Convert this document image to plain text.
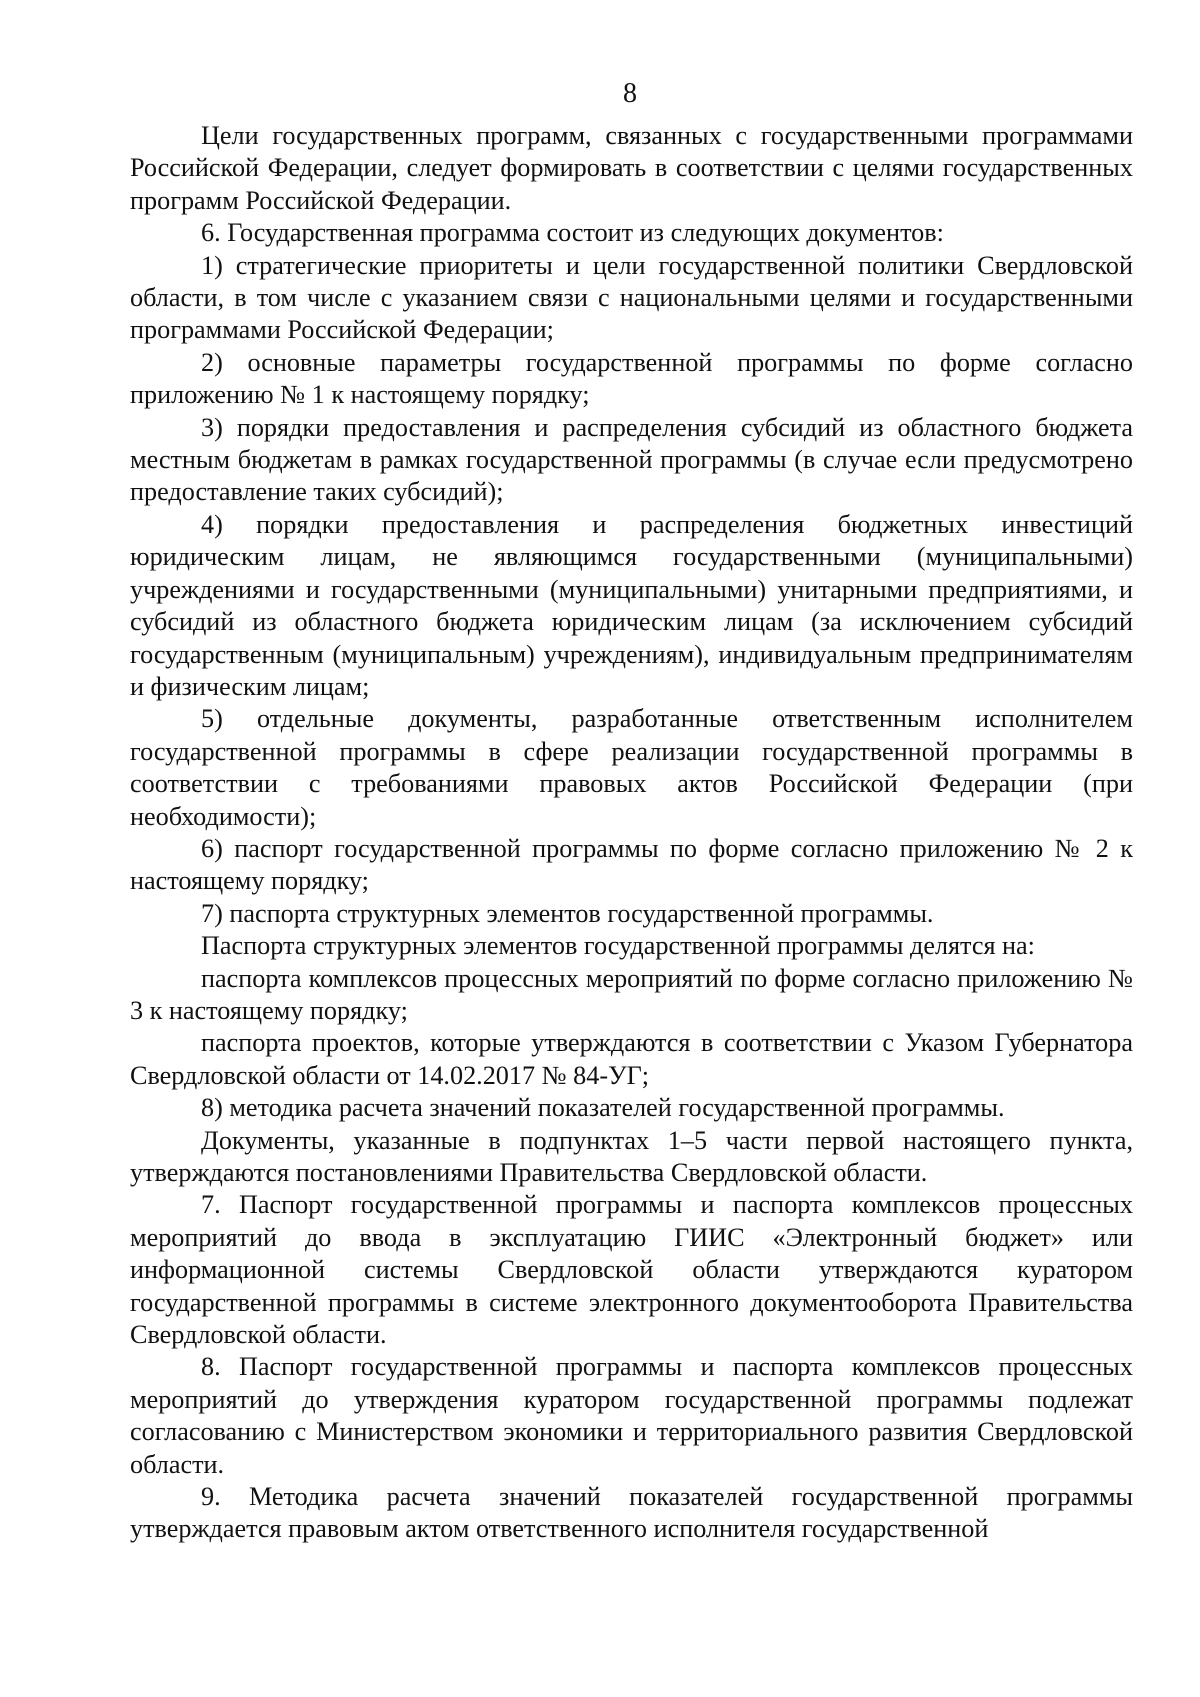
8

Цели государственных программ, связанных с государственными программами Российской Федерации, следует формировать в соответствии с целями государственных программ Российской Федерации.

6. Государственная программа состоит из следующих документов:

1) стратегические приоритеты и цели государственной политики Свердловской области, в том числе с указанием связи с национальными целями и государственными программами Российской Федерации;

2) основные параметры государственной программы по форме согласно приложению № 1 к настоящему порядку;

3) порядки предоставления и распределения субсидий из областного бюджета местным бюджетам в рамках государственной программы (в случае если предусмотрено предоставление таких субсидий);

4) порядки предоставления и распределения бюджетных инвестиций юридическим лицам, не являющимся государственными (муниципальными) учреждениями и государственными (муниципальными) унитарными предприятиями, и субсидий из областного бюджета юридическим лицам (за исключением субсидий государственным (муниципальным) учреждениям), индивидуальным предпринимателям и физическим лицам;

5) отдельные документы, разработанные ответственным исполнителем государственной программы в сфере реализации государственной программы в соответствии с требованиями правовых актов Российской Федерации (при необходимости);

6) паспорт государственной программы по форме согласно приложению № 2 к настоящему порядку;

7) паспорта структурных элементов государственной программы.

Паспорта структурных элементов государственной программы делятся на:

паспорта комплексов процессных мероприятий по форме согласно приложению № 3 к настоящему порядку;

паспорта проектов, которые утверждаются в соответствии с Указом Губернатора Свердловской области от 14.02.2017 № 84-УГ;

8) методика расчета значений показателей государственной программы.

Документы, указанные в подпунктах 1–5 части первой настоящего пункта, утверждаются постановлениями Правительства Свердловской области.

7. Паспорт государственной программы и паспорта комплексов процессных мероприятий до ввода в эксплуатацию ГИИС «Электронный бюджет» или информационной системы Свердловской области утверждаются куратором государственной программы в системе электронного документооборота Правительства Свердловской области.

8. Паспорт государственной программы и паспорта комплексов процессных мероприятий до утверждения куратором государственной программы подлежат согласованию с Министерством экономики и территориального развития Свердловской области.

9. Методика расчета значений показателей государственной программы утверждается правовым актом ответственного исполнителя государственной
